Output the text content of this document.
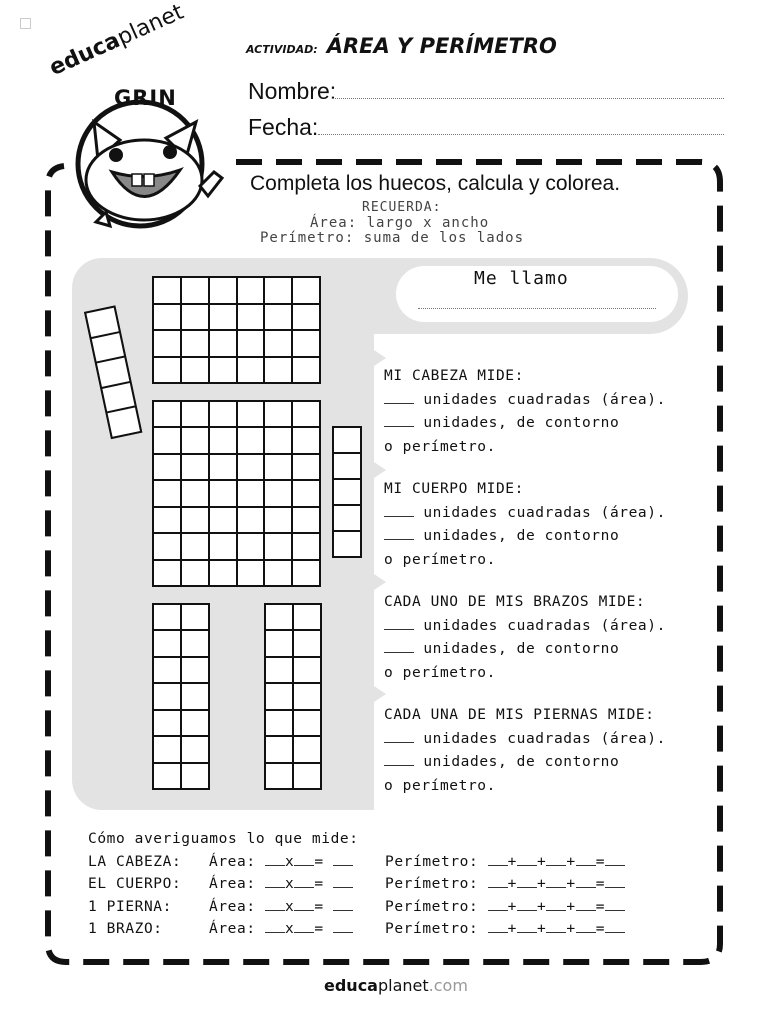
GRIN
educaplanet	ACTIVIDAD: ÁREA Y PERÍMETRO
Nombre:
Fecha:
Completa los huecos, calcula y colorea.
RECUERDA:
Área: largo x ancho
Perímetro: suma de los lados
Me llamo
MI CABEZA MIDE:
unidades cuadradas (área).
unidades, de contorno
o perímetro.
MI CUERPO MIDE:
unidades cuadradas (área).
unidades, de contorno
o perímetro.
CADA UNO DE MIS BRAZOS MIDE:
unidades cuadradas (área).
unidades, de contorno
o perímetro.
CADA UNA DE MIS PIERNAS MIDE:
unidades cuadradas (área).
unidades, de contorno
o perímetro.
Cómo averiguamos lo que mide:
LA CABEZA: Área: x =	Perímetro: + + + =
EL CUERPO: Área: x =	Perímetro: + + + =
1 PIERNA:	Área: x =	Perímetro: + + + =
1 BRAZO:	Área: x =	Perímetro: + + + =
educaplanet.com
